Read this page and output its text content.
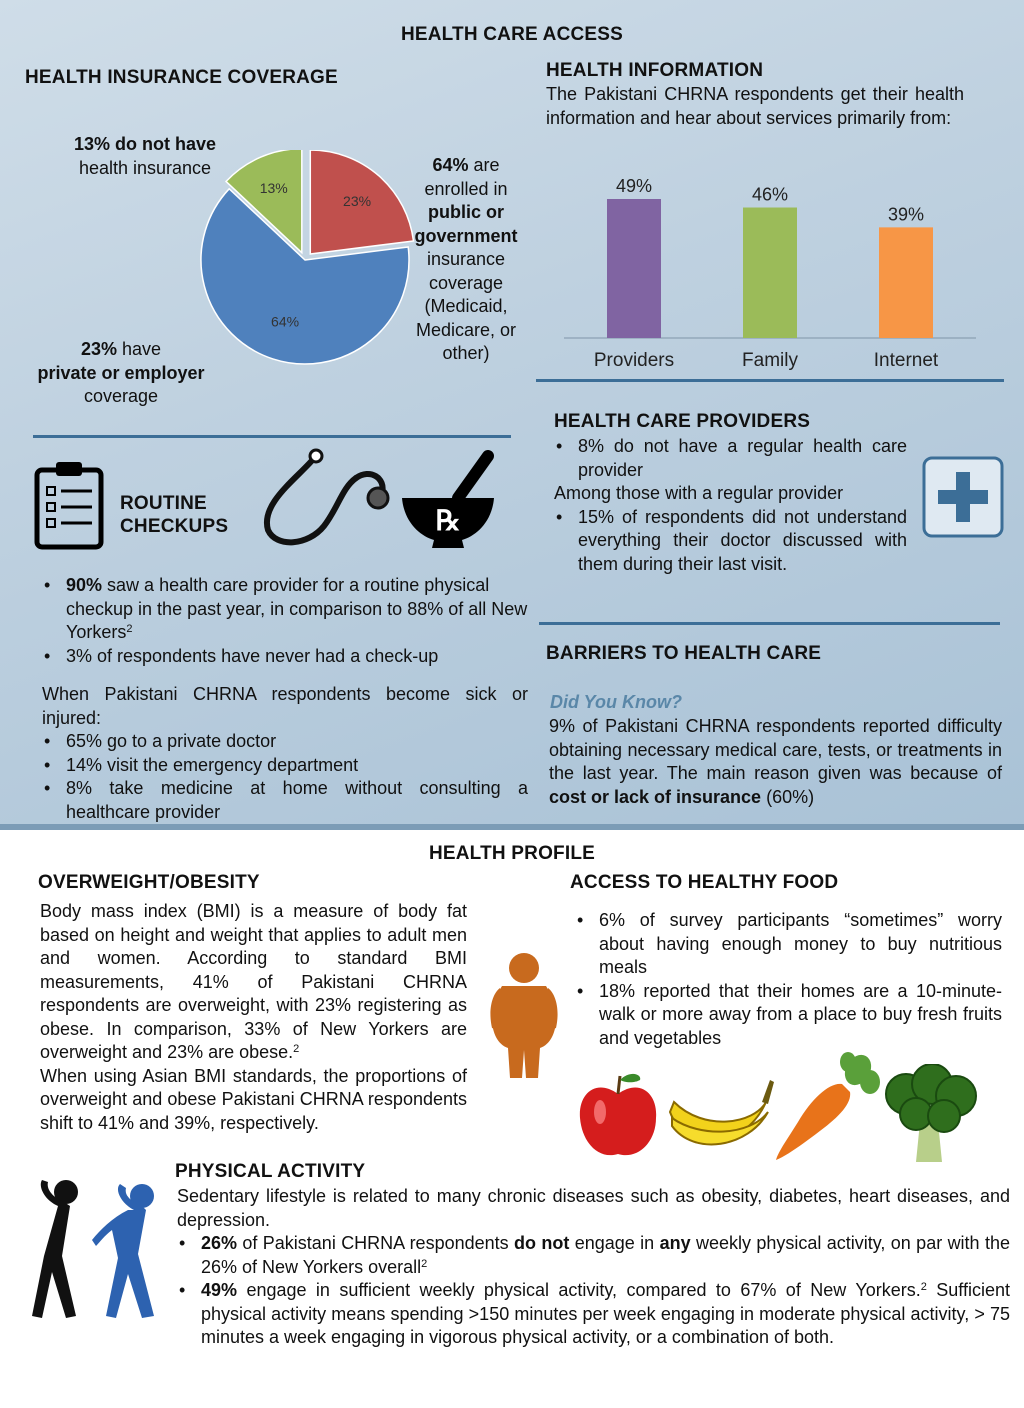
HEALTH CARE ACCESS
HEALTH INSURANCE COVERAGE
13% do not have
health insurance
13%
23%
64%
64% are enrolled in
public or government
insurance coverage (Medicaid, Medicare, or other)
23% have
private or employer
coverage
HEALTH INFORMATION
The Pakistani CHRNA respondents get their health information and hear about services primarily from:
49%
Providers
46%
Family
39%
Internet
HEALTH CARE PROVIDERS
• 8% do not have a regular health care provider
Among those with a regular provider
• 15% of respondents did not understand everything their doctor discussed with them during their last visit.
BARRIERS TO HEALTH CARE
Did You Know?
9% of Pakistani CHRNA respondents reported difficulty obtaining necessary medical care, tests, or treatments in the last year. The main reason given was because of cost or lack of insurance (60%)
ROUTINE
CHECKUPS	℞
• 90% saw a health care provider for a routine physical checkup in the past year, in comparison to 88% of all New Yorkers$^2$
• 3% of respondents have never had a check-up
When Pakistani CHRNA respondents become sick or injured:
• 65% go to a private doctor
• 14% visit the emergency department
• 8% take medicine at home without consulting a healthcare provider
HEALTH PROFILE
OVERWEIGHT/OBESITY
Body mass index (BMI) is a measure of body fat based on height and weight that applies to adult men and women. According to standard BMI measurements, 41% of Pakistani CHRNA respondents are overweight, with 23% registering as obese. In comparison, 33% of New Yorkers are overweight and 23% are obese.$^2$
When using Asian BMI standards, the proportions of overweight and obese Pakistani CHRNA respondents shift to 41% and 39%, respectively.
ACCESS TO HEALTHY FOOD
• 6% of survey participants “sometimes” worry about having enough money to buy nutritious meals
• 18% reported that their homes are a 10-minute-walk or more away from a place to buy fresh fruits and vegetables
PHYSICAL ACTIVITY
Sedentary lifestyle is related to many chronic diseases such as obesity, diabetes, heart diseases, and depression.
• 26% of Pakistani CHRNA respondents do not engage in any weekly physical activity, on par with the 26% of New Yorkers overall$^2$
• 49% engage in sufficient weekly physical activity, compared to 67% of New Yorkers.$^2$ Sufficient physical activity means spending >150 minutes per week engaging in moderate physical activity, > 75 minutes a week engaging in vigorous physical activity, or a combination of both.
